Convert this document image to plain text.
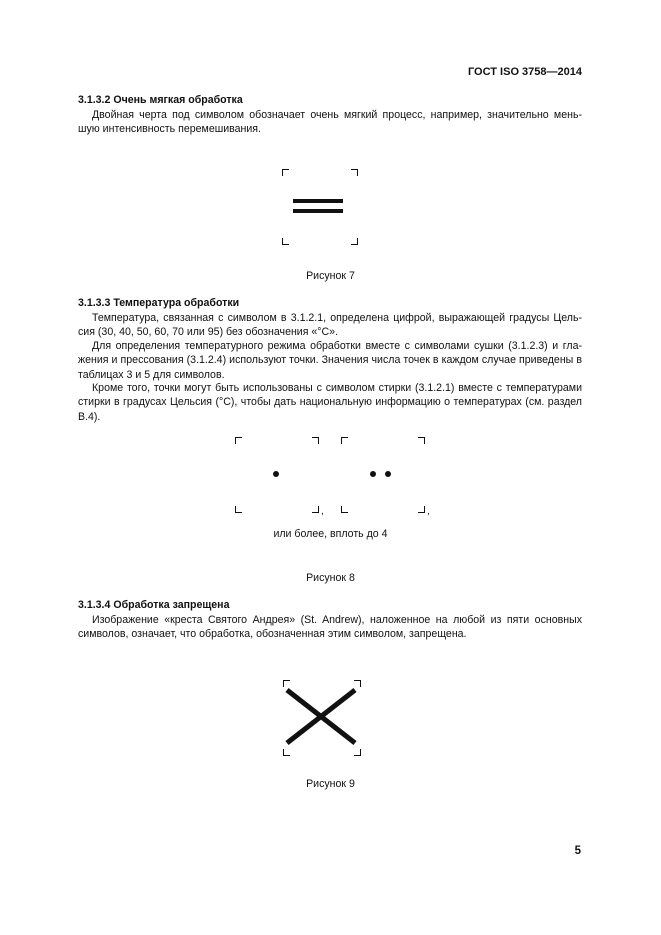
ГОСТ ISO 3758—2014
3.1.3.2 Очень мягкая обработка
Двойная черта под символом обозначает очень мягкий процесс, например, значительно мень-
шую интенсивность перемешивания.
Рисунок 7
3.1.3.3 Температура обработки
Температура, связанная с символом в 3.1.2.1, определена цифрой, выражающей градусы Цель-
сия (30, 40, 50, 60, 70 или 95) без обозначения «°С».
Для определения температурного режима обработки вместе с символами сушки (3.1.2.3) и гла-
жения и прессования (3.1.2.4) используют точки. Значения числа точек в каждом случае приведены в
таблицах 3 и 5 для символов.
Кроме того, точки могут быть использованы с символом стирки (3.1.2.1) вместе с температурами
стирки в градусах Цельсия (°С), чтобы дать национальную информацию о температурах (см. раздел
В.4).
,	,
или более, вплоть до 4
Рисунок 8
3.1.3.4 Обработка запрещена
Изображение «креста Святого Андрея» (St. Andrew), наложенное на любой из пяти основных
символов, означает, что обработка, обозначенная этим символом, запрещена.
Рисунок 9
5
